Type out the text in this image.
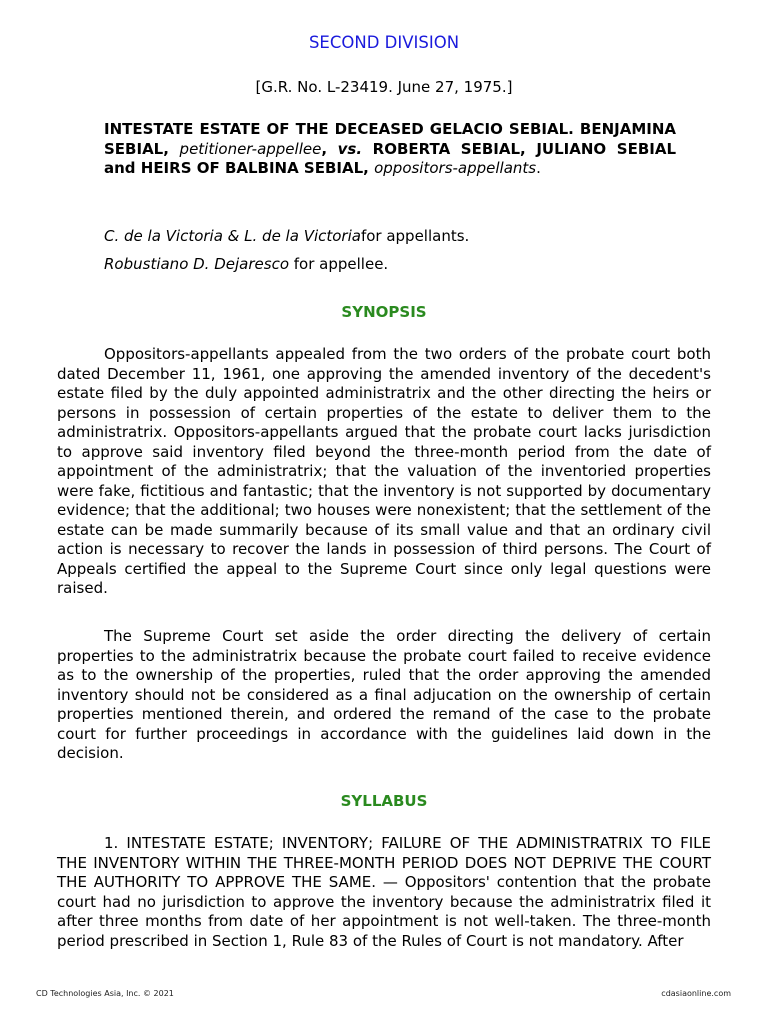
SECOND DIVISION
[G.R. No. L-23419. June 27, 1975.]
INTESTATE ESTATE OF THE DECEASED GELACIO SEBIAL. BENJAMINA SEBIAL, petitioner-appellee, vs. ROBERTA SEBIAL, JULIANO SEBIAL and HEIRS OF BALBINA SEBIAL, oppositors-appellants.
C. de la Victoria & L. de la Victoriafor appellants.
Robustiano D. Dejaresco for appellee.
SYNOPSIS

Oppositors-appellants appealed from the two orders of the probate court both dated December 11, 1961, one approving the amended inventory of the decedent's estate filed by the duly appointed administratrix and the other directing the heirs or persons in possession of certain properties of the estate to deliver them to the administratrix. Oppositors-appellants argued that the probate court lacks jurisdiction to approve said inventory filed beyond the three-month period from the date of appointment of the administratrix; that the valuation of the inventoried properties were fake, fictitious and fantastic; that the inventory is not supported by documentary evidence; that the additional; two houses were nonexistent; that the settlement of the estate can be made summarily because of its small value and that an ordinary civil action is necessary to recover the lands in possession of third persons. The Court of Appeals certified the appeal to the Supreme Court since only legal questions were raised.

The Supreme Court set aside the order directing the delivery of certain properties to the administratrix because the probate court failed to receive evidence as to the ownership of the properties, ruled that the order approving the amended inventory should not be considered as a final adjucation on the ownership of certain properties mentioned therein, and ordered the remand of the case to the probate court for further proceedings in accordance with the guidelines laid down in the decision.

SYLLABUS

1. INTESTATE ESTATE; INVENTORY; FAILURE OF THE ADMINISTRATRIX TO FILE THE INVENTORY WITHIN THE THREE-MONTH PERIOD DOES NOT DEPRIVE THE COURT THE AUTHORITY TO APPROVE THE SAME. — Oppositors' contention that the probate court had no jurisdiction to approve the inventory because the administratrix filed it after three months from date of her appointment is not well-taken. The three-month period prescribed in Section 1, Rule 83 of the Rules of Court is not mandatory. After

CD Technologies Asia, Inc. © 2021	cdasiaonline.com
